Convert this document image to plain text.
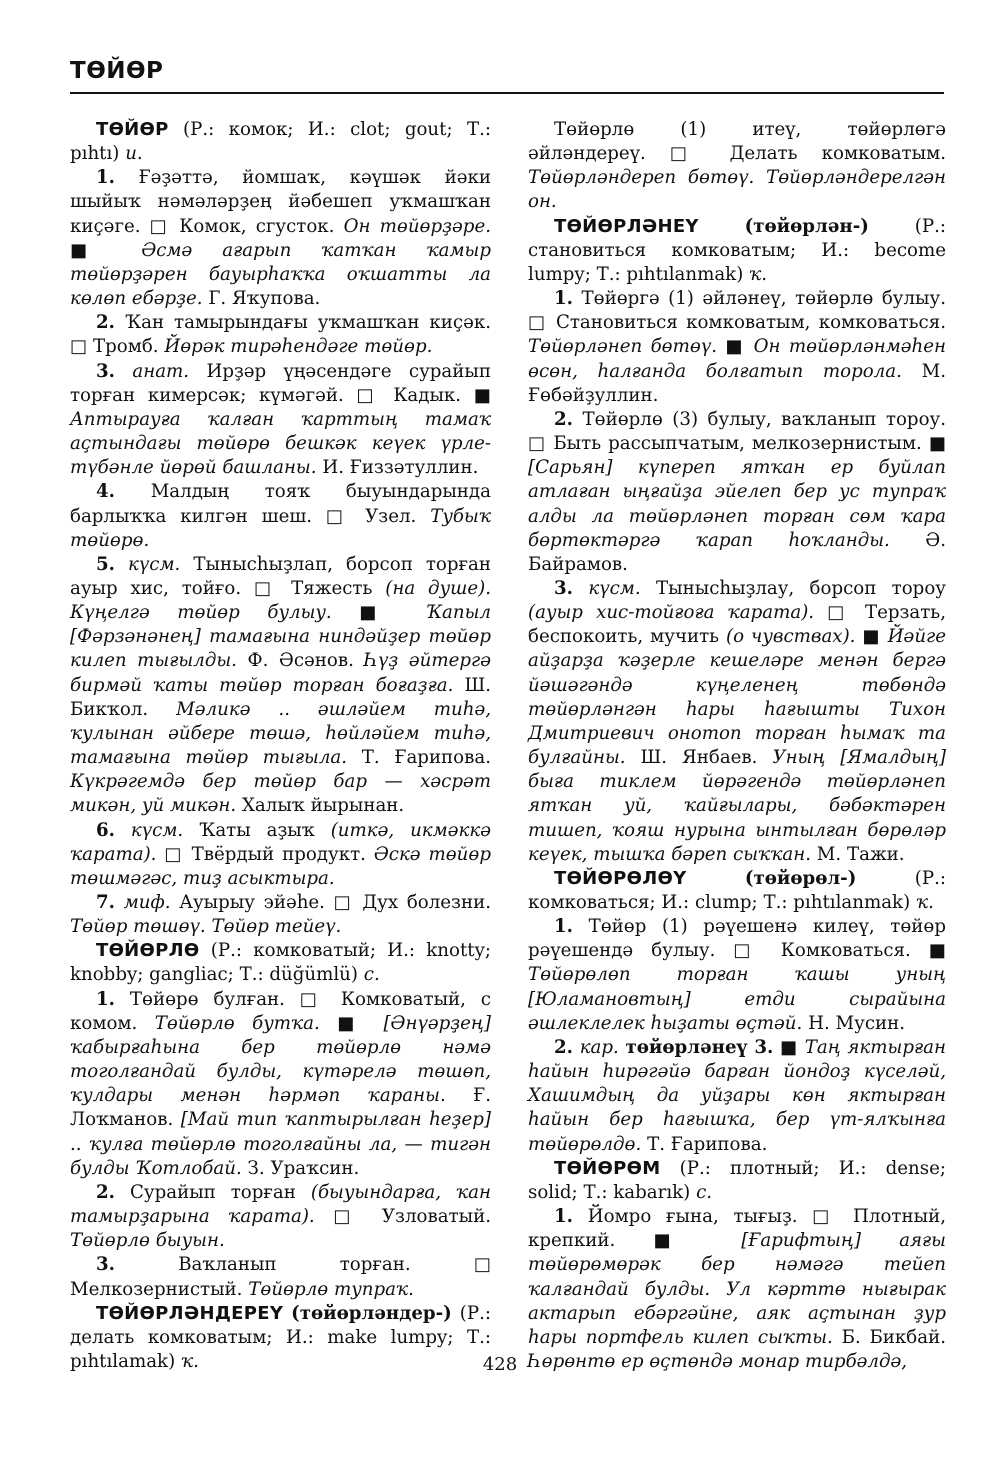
ТӨЙӨР

ТӨЙӨР (Р.: комок; И.: clot; gout; Т.: pıhtı) и.

1. Ғәҙәттә, йомшаҡ, кәүшәк йәки шыйыҡ нәмәләрҙең йәбешеп уҡмашҡан киҫәге. □ Комок, сгусток. Он төйөрҙәре. ■ Әсмә ағарып ҡатҡан ҡамыр төйөрҙәрен бауырһаҡҡа оҡшатты ла көлөп ебәрҙе. Г. Яҡупова.

2. Ҡан тамырындағы уҡмашҡан киҫәк. □ Тромб. Йөрәк тирәһендәге төйөр.

3. анат. Ирҙәр үңәсендәге сурайып торған кимерсәк; күмәгәй. □ Кадык. ■ Аптырауға ҡалған ҡарттың тамаҡ аҫтындағы төйөрө бешкәк кеүек үрле-түбәнле йөрөй башланы. И. Ғиззәтуллин.

4. Малдың тояҡ быуындарында барлыҡҡа килгән шеш. □ Узел. Тубыҡ төйөрө.

5. күсм. Тынысһыҙлап, борсоп торған ауыр хис, тойғо. □ Тяжесть (на душе). Күңелгә төйөр булыу. ■ Ҡапыл [Фәрзәнәнең] тамағына ниндәйҙер төйөр килеп тығылды. Ф. Әсәнов. Һүҙ әйтергә бирмәй ҡаты төйөр торған боғаҙға. Ш. Бикҡол. Мәликә .. әшләйем тиһә, ҡулынан әйбере төшә, һөйләйем тиһә, тамағына төйөр тығыла. Т. Ғарипова. Күкрәгемдә бер төйөр бар — хәсрәт микән, уй микән. Халыҡ йырынан.

6. күсм. Ҡаты аҙыҡ (иткә, икмәккә ҡарата). □ Твёрдый продукт. Әскә төйөр төшмәгәс, тиҙ асыктыра.

7. миф. Ауырыу эйәһе. □ Дух болезни. Төйөр төшөү. Төйөр тейеү.

ТӨЙӨРЛӨ (Р.: комковатый; И.: knotty; knobby; gangliac; Т.: düğümlü) с.

1. Төйөрө булған. □ Комковатый, с комом. Төйөрлө бутҡа. ■ [Әнүәрҙең] ҡабырғаһына бер төйөрлө нәмә тоголғандай булды, күтәрелә төшөп, ҡулдары менән һәрмәп ҡараны. Ғ. Лоҡманов. [Май тип ҡаптырылған һеҙер] .. ҡулға төйөрлө тоголғайны ла, — тигән булды Ҡотлобай. З. Ураҡсин.

2. Сурайып торған (быуындарға, ҡан тамырҙарына ҡарата). □ Узловатый. Төйөрлө быуын.

3.	Ваҡланып торған. □ Мелкозернистый. Төйөрлө тупраҡ.

ТӨЙӨРЛӘНДЕРЕҮ (төйөрләндер-) (Р.: делать комковатым; И.: make lumpy; Т.: pıhtılamak) ҡ.

Төйөрлө (1) итеү, төйөрлөгә әйләндереү. □ Делать комковатым. Төйөрләндереп бөтөү. Төйөрләндерелгән он.

ТӨЙӨРЛӘНЕҮ	(төйөрлән-)	(Р.: становиться комковатым; И.: become lumpy; Т.: pıhtılanmak) ҡ.

1. Төйөргә (1) әйләнеү, төйөрлө булыу. □ Становиться комковатым, комковаться. Төйөрләнеп бөтөү. ■ Он төйөрләнмәһен өсөн, һалғанда болғатып торола. М. Ғөбәйҙуллин.

2. Төйөрлө (3) булыу, ваҡланып тороу. □ Быть рассыпчатым, мелкозернистым. ■ [Сарьян] күпереп ятҡан ер буйлап атлаған ыңғайҙа эйелеп бер ус тупраҡ алды ла төйөрләнеп торған сөм ҡара бөртөктәргә ҡарап һоҡланды. Ә. Байрамов.

3. күсм. Тынысһыҙлау, борсоп тороу (ауыр хис-тойғоға ҡарата). □ Терзать, беспокоить, мучить (о чувствах). ■ Йәйге айҙарҙа ҡәҙерле кешеләре менән бергә йәшәгәндә күңеленең төбөндә төйөрләнгән һары һағышты Тихон Дмитриевич онотоп торған һымаҡ та булғайны. Ш. Янбаев. Уның [Ямалдың] быға тиклем йөрәгендә төйөрләнеп ятҡан уй, ҡайғылары, бәбәктәрен тишеп, ҡояш нурына ынтылған бөрөләр кеүек, тышҡа бәреп сыҡҡан. М. Тажи.

ТӨЙӨРӨЛӨҮ	(төйөрөл-)	(Р.: комковаться; И.: clump; Т.: pıhtılanmak) ҡ.

1. Төйөр (1) рәүешенә килеү, төйөр рәүешендә булыу. □ Комковаться. ■ Төйөрөлөп торған ҡашы уның [Юламановтың] етди сырайына әшлеклелек һыҙаты өҫтәй. Н. Мусин.

2. кар. төйөрләнеү 3. ■ Таң яктырған һайын һирәгәйә барған йондоҙ күселәй, Хашимдың да уйҙары көн яктырған һайын бер һағышҡа, бер үт-ялҡынға төйөрөлдө. Т. Ғарипова.

ТӨЙӨРӨМ (Р.: плотный; И.: dense; solid; Т.: kabarık) с.

1. Йомро ғына, тығыҙ. □ Плотный, крепкий. ■ [Ғарифтың] аяғы төйөрөмөрәк бер нәмәгә тейеп ҡалғандай булды. Ул кәрттө нығырак актарып ебәргәйне, аяк аҫтынан ҙур һары портфель килеп сыҡты. Б. Бикбай. Һөрөнтө ер өҫтөндә монар тирбәлдә,

428
